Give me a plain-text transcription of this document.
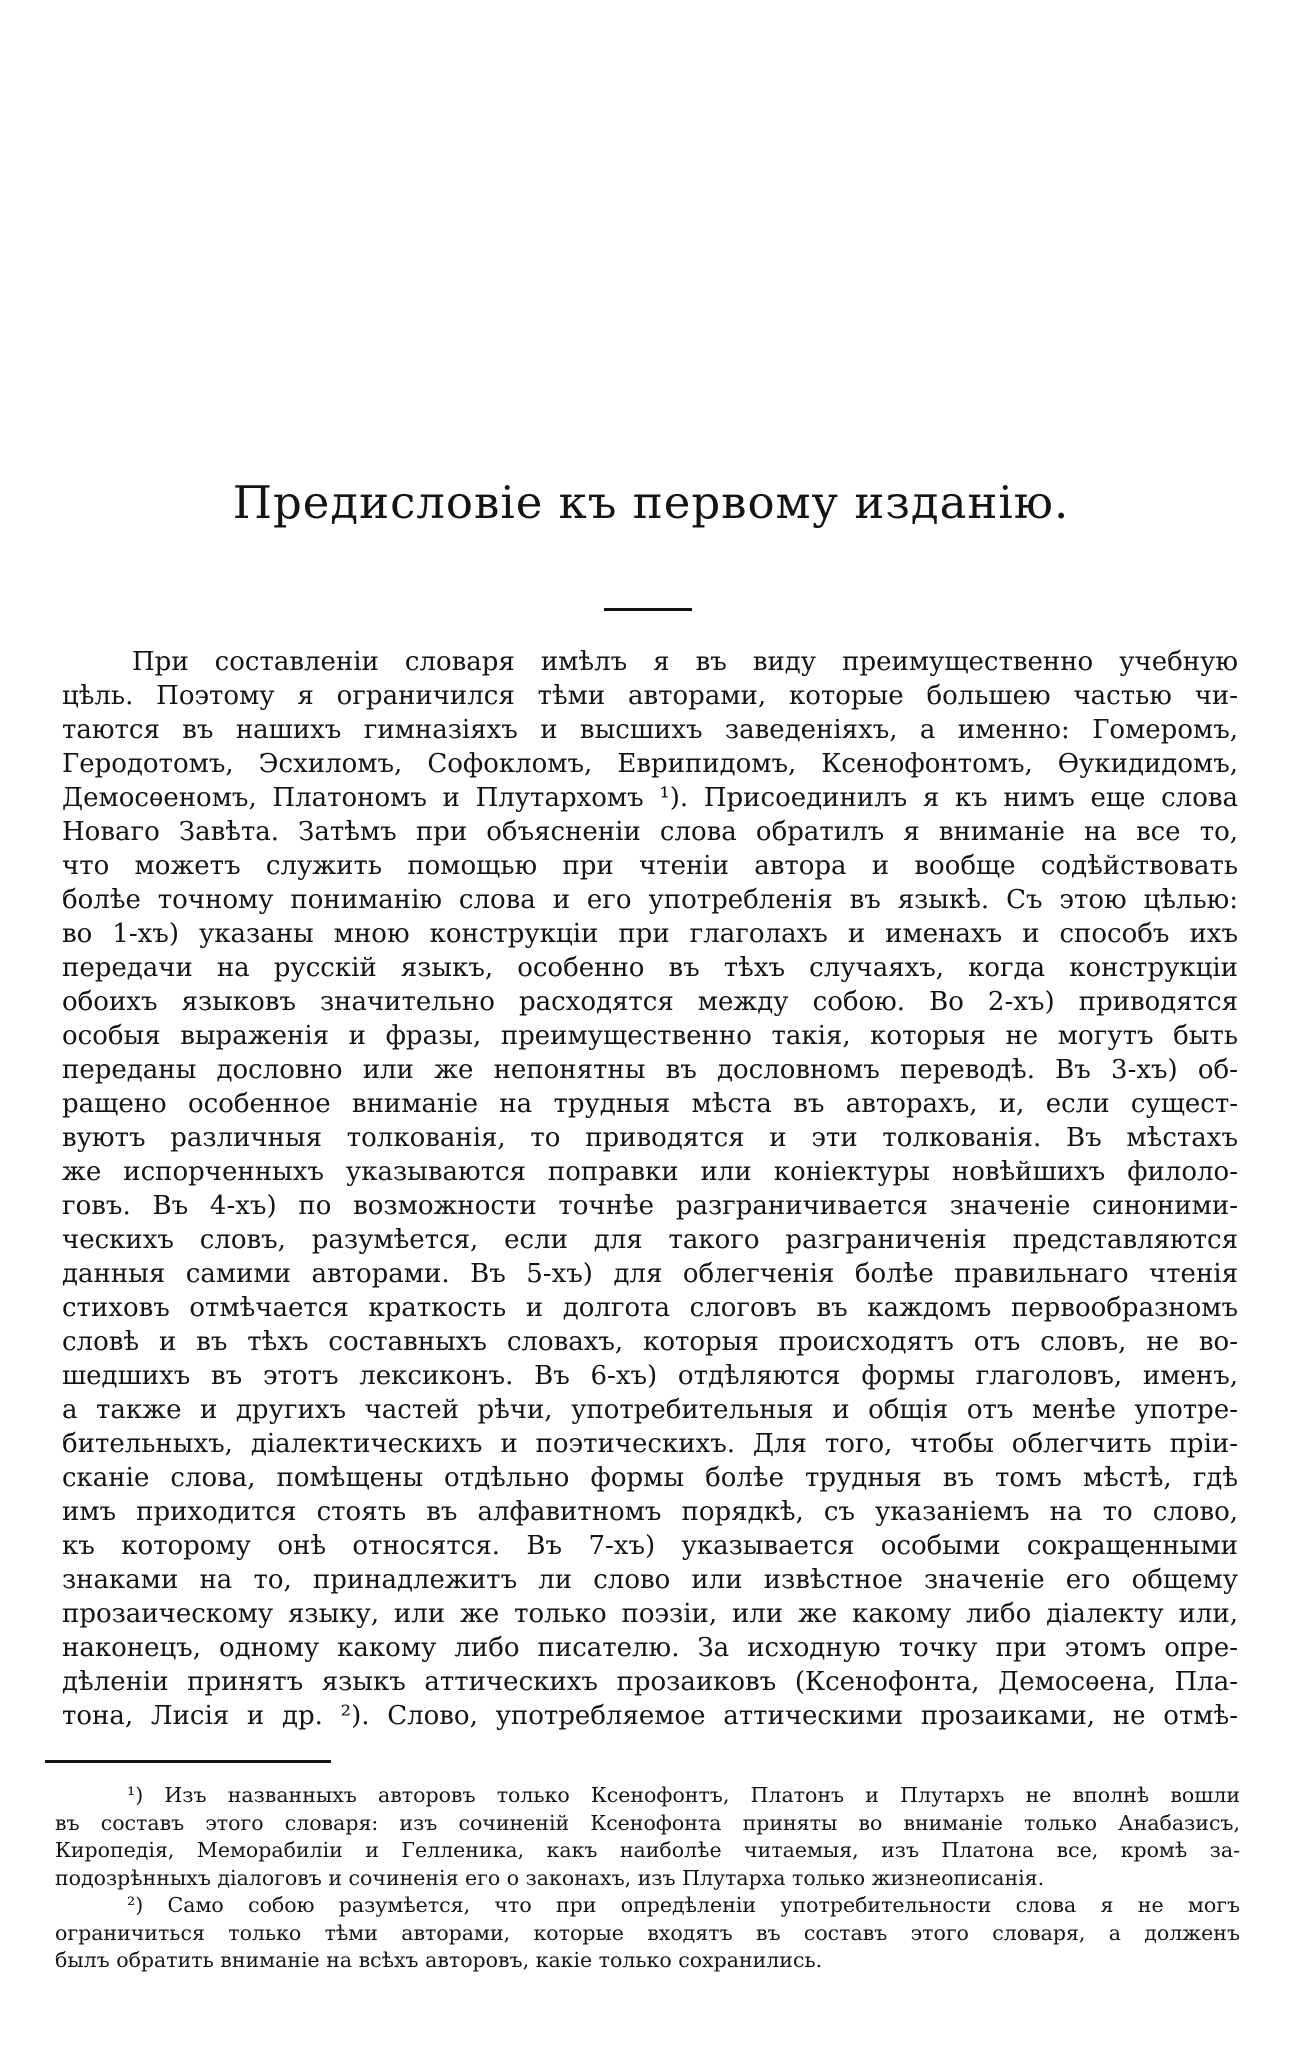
Предисловіе къ первому изданію.
При составленіи словаря имѣлъ я въ виду преимущественно учебную
цѣль. Поэтому я ограничился тѣми авторами, которые большею частью чи-
таются въ нашихъ гимназіяхъ и высшихъ заведеніяхъ, а именно: Гомеромъ,
Геродотомъ, Эсхиломъ, Софокломъ, Еврипидомъ, Ксенофонтомъ, Ѳукидидомъ,
Демосѳеномъ, Платономъ и Плутархомъ ¹). Присоединилъ я къ нимъ еще слова
Новаго Завѣта. Затѣмъ при объясненіи слова обратилъ я вниманіе на все то,
что можетъ служить помощью при чтеніи автора и вообще содѣйствовать
болѣе точному пониманію слова и его употребленія въ языкѣ. Съ этою цѣлью:
во 1-хъ) указаны мною конструкціи при глаголахъ и именахъ и способъ ихъ
передачи на русскій языкъ, особенно въ тѣхъ случаяхъ, когда конструкціи
обоихъ языковъ значительно расходятся между собою. Во 2-хъ) приводятся
особыя выраженія и фразы, преимущественно такія, которыя не могутъ быть
переданы дословно или же непонятны въ дословномъ переводѣ. Въ 3-хъ) об-
ращено особенное вниманіе на трудныя мѣста въ авторахъ, и, если сущест-
вуютъ различныя толкованія, то приводятся и эти толкованія. Въ мѣстахъ
же испорченныхъ указываются поправки или коніектуры новѣйшихъ филоло-
говъ. Въ 4-хъ) по возможности точнѣе разграничивается значеніе синоними-
ческихъ словъ, разумѣется, если для такого разграниченія представляются
данныя самими авторами. Въ 5-хъ) для облегченія болѣе правильнаго чтенія
стиховъ отмѣчается краткость и долгота слоговъ въ каждомъ первообразномъ
словѣ и въ тѣхъ составныхъ словахъ, которыя происходятъ отъ словъ, не во-
шедшихъ въ этотъ лексиконъ. Въ 6-хъ) отдѣляются формы глаголовъ, именъ,
а также и другихъ частей рѣчи, употребительныя и общія отъ менѣе употре-
бительныхъ, діалектическихъ и поэтическихъ. Для того, чтобы облегчить пріи-
сканіе слова, помѣщены отдѣльно формы болѣе трудныя въ томъ мѣстѣ, гдѣ
имъ приходится стоять въ алфавитномъ порядкѣ, съ указаніемъ на то слово,
къ которому онѣ относятся. Въ 7-хъ) указывается особыми сокращенными
знаками на то, принадлежитъ ли слово или извѣстное значеніе его общему
прозаическому языку, или же только поэзіи, или же какому либо діалекту или,
наконецъ, одному какому либо писателю. За исходную точку при этомъ опре-
дѣленіи принятъ языкъ аттическихъ прозаиковъ (Ксенофонта, Демосѳена, Пла-
тона, Лисія и др. ²). Слово, употребляемое аттическими прозаиками, не отмѣ-
¹) Изъ названныхъ авторовъ только Ксенофонтъ, Платонъ и Плутархъ не вполнѣ вошли
въ составъ этого словаря: изъ сочиненій Ксенофонта приняты во вниманіе только Анабазисъ,
Киропедія, Меморабиліи и Гелленика, какъ наиболѣе читаемыя, изъ Платона все, кромѣ за-
подозрѣнныхъ діалоговъ и сочиненія его о законахъ, изъ Плутарха только жизнеописанія.
²) Само собою разумѣется, что при опредѣленіи употребительности слова я не могъ
ограничиться только тѣми авторами, которые входятъ въ составъ этого словаря, а долженъ
былъ обратить вниманіе на всѣхъ авторовъ, какіе только сохранились.
